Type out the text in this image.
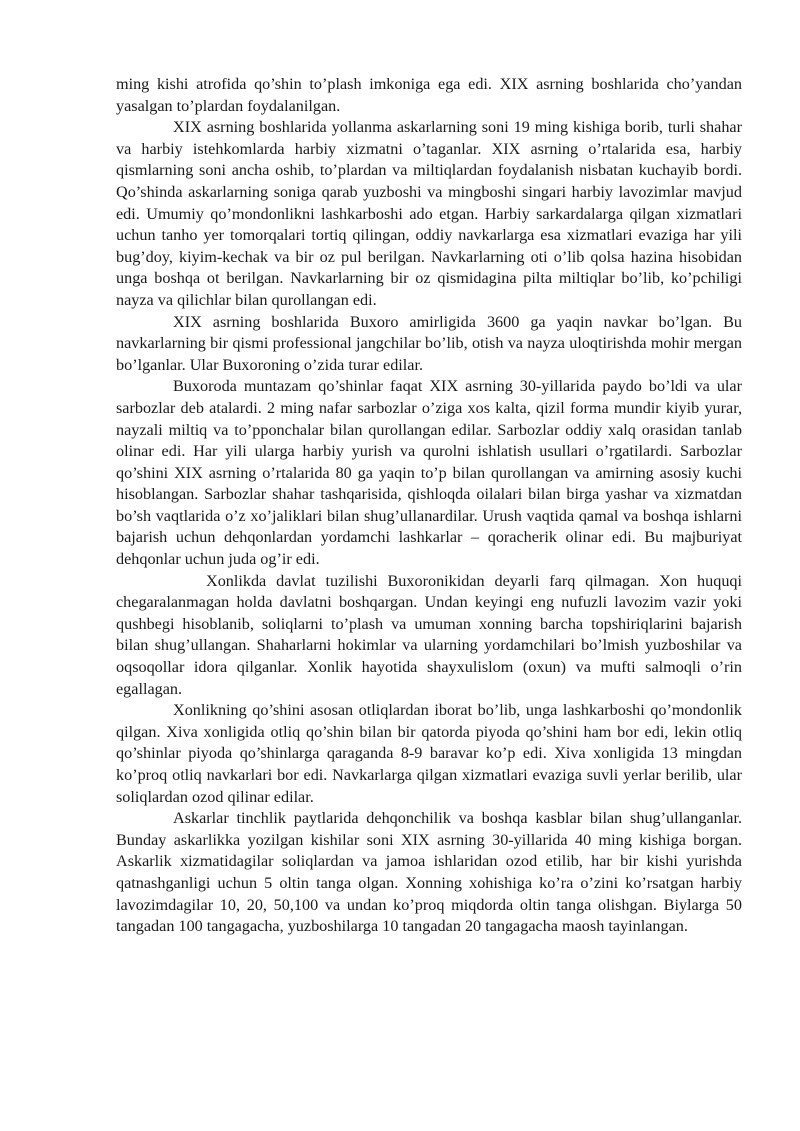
ming kishi atrofida qo’shin to’plash imkoniga ega edi. XIX asrning boshlarida cho’yandan yasalgan to’plardan foydalanilgan.

XIX asrning boshlarida yollanma askarlarning soni 19 ming kishiga borib, turli shahar va harbiy istehkomlarda harbiy xizmatni o’taganlar. XIX asrning o’rtalarida esa, harbiy qismlarning soni ancha oshib, to’plardan va miltiqlardan foydalanish nisbatan kuchayib bordi. Qo’shinda askarlarning soniga qarab yuzboshi va mingboshi singari harbiy lavozimlar mavjud edi. Umumiy qo’mondonlikni lashkarboshi ado etgan. Harbiy sarkardalarga qilgan xizmatlari uchun tanho yer tomorqalari tortiq qilingan, oddiy navkarlarga esa xizmatlari evaziga har yili bug’doy, kiyim-kechak va bir oz pul berilgan. Navkarlarning oti o’lib qolsa hazina hisobidan unga boshqa ot berilgan. Navkarlarning bir oz qismidagina pilta miltiqlar bo’lib, ko’pchiligi nayza va qilichlar bilan qurollangan edi.

XIX asrning boshlarida Buxoro amirligida 3600 ga yaqin navkar bo’lgan. Bu navkarlarning bir qismi professional jangchilar bo’lib, otish va nayza uloqtirishda mohir mergan bo’lganlar. Ular Buxoroning o’zida turar edilar.

Buxoroda muntazam qo’shinlar faqat XIX asrning 30-yillarida paydo bo’ldi va ular sarbozlar deb atalardi. 2 ming nafar sarbozlar o’ziga xos kalta, qizil forma mundir kiyib yurar, nayzali miltiq va to’pponchalar bilan qurollangan edilar. Sarbozlar oddiy xalq orasidan tanlab olinar edi. Har yili ularga harbiy yurish va qurolni ishlatish usullari o’rgatilardi. Sarbozlar qo’shini XIX asrning o’rtalarida 80 ga yaqin to’p bilan qurollangan va amirning asosiy kuchi hisoblangan. Sarbozlar shahar tashqarisida, qishloqda oilalari bilan birga yashar va xizmatdan bo’sh vaqtlarida o’z xo’jaliklari bilan shug’ullanardilar. Urush vaqtida qamal va boshqa ishlarni bajarish uchun dehqonlardan yordamchi lashkarlar – qoracherik olinar edi. Bu majburiyat dehqonlar uchun juda og’ir edi.

Xonlikda davlat tuzilishi Buxoronikidan deyarli farq qilmagan. Xon huquqi chegaralanmagan holda davlatni boshqargan. Undan keyingi eng nufuzli lavozim vazir yoki qushbegi hisoblanib, soliqlarni to’plash va umuman xonning barcha topshiriqlarini bajarish bilan shug’ullangan. Shaharlarni hokimlar va ularning yordamchilari bo’lmish yuzboshilar va oqsoqollar idora qilganlar. Xonlik hayotida shayxulislom (oxun) va mufti salmoqli o’rin egallagan.

Xonlikning qo’shini asosan otliqlardan iborat bo’lib, unga lashkarboshi qo’mondonlik qilgan. Xiva xonligida otliq qo’shin bilan bir qatorda piyoda qo’shini ham bor edi, lekin otliq qo’shinlar piyoda qo’shinlarga qaraganda 8-9 baravar ko’p edi. Xiva xonligida 13 mingdan ko’proq otliq navkarlari bor edi. Navkarlarga qilgan xizmatlari evaziga suvli yerlar berilib, ular soliqlardan ozod qilinar edilar.

Askarlar tinchlik paytlarida dehqonchilik va boshqa kasblar bilan shug’ullanganlar. Bunday askarlikka yozilgan kishilar soni XIX asrning 30-yillarida 40 ming kishiga borgan. Askarlik xizmatidagilar soliqlardan va jamoa ishlaridan ozod etilib, har bir kishi yurishda qatnashganligi uchun 5 oltin tanga olgan. Xonning xohishiga ko’ra o’zini ko’rsatgan harbiy lavozimdagilar 10, 20, 50,100 va undan ko’proq miqdorda oltin tanga olishgan. Biylarga 50 tangadan 100 tangagacha, yuzboshilarga 10 tangadan 20 tangagacha maosh tayinlangan.
